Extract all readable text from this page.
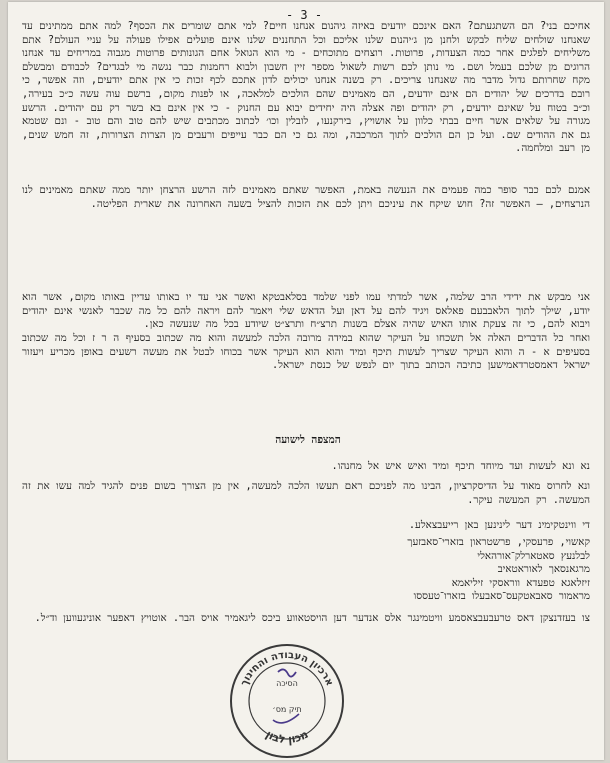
- 3 -
אחיכם בני? הם השתגעתם? האם אינכם יודעים באיזה גיהנום אנחנו חיים? למי אתם שומרים את הכסף? למה אתם ממתינים עד שאנחנו שולחים שליח לבקש ולחנן מן ג׳יהנום שלנו אליכם וכל התחננים שלנו אינם פועלים אפילו פעולה על עניי העולם? אתם משליחים לפלגים אחר כמה הצעדות, פרוטות. רוצחים מתוכחים - מי הוא הגואל אחם הגונותים פרוטות מגבוה במריחים עד אנחנו הרוגים מן שלכם בעמל ושם. מי נותן לכם רשות לשאול מספר זיין חשבון ולבוא רחמנות כבר נגשה מי לבגדים? לכבודם ומבשלם מקח שחרותם גדול מדבר מה שאנחנו צריכים. רק בשנה אנחנו יכולים לדון אתכם לכף זכות כי אין אתם יודעים, וזה אפשר, כי רובם בדרכים של יהודים הם אינם יודעים, הם מאמינים שהם הולכים למלאכה, או לפנות מקום, ברשם עוה עשה כ״כ בעירה, וכ״ב בטוח על שאינם יודעים, רק יהודים ופה אצלה היה יחידים יבוא עם החנוק - כי אין אינם בא בשר רק עם יהודים. הרשע מגורה על שלאים אשר חיים בבתי כלוון על אושויץ, בירקנעו, לובלין וכו׳ לכתוב מכתבים שיש להם טוב והם טוב - ונם שטמא גם את ההודים שם. ועל כן הם הולכים לתוך המרכבה, ומה גם כי הם כבר עייפים ורעבים מן הצרות הצרורות, זה חמש שנים, מן רעב ומלחמה.
אמנם לכם כבר סופר כמה פעמים את הנעשה באמת, האפשר שאתם מאמינים לזה הרשע הרצחן יותר ממה שאתם מאמינים לנו הנרצחים, — האפשר זה? חוש שיקח את עיניכם ויתן לכם את הזכות להציל בשעה האחרונה את שארית הפליטה.
אני מבקש את ידידי הרב שלמה, אשר למדתי עמו לפני שלמד בסלאבטקא ואשר אני עד יו באותו עדיין באותו מקום, אשר הוא יודע, שילך לתוך הלאבבעם פאלאס ויגיד להם על דאן ועל הדאש שלי ויאמר להם ויראה להם כל מה שכבר לאנשי אינם יהודים ויבוא להם, כי זה צעקת אותו האיש שהיה אצלם בשנות תרצ״ח ותרצ״ט שיודע בכל מה שנעשה כאן.
ואחר כל הדברים האלה אל תשכחו על העיקר שהוא במידה מרובה הלכה למעשה והוא מה שכתוב בסעיף ה ר ז וכל מה שכתוב בסעיפים א - ה והוא העיקר שצריך לעשות תיכף ומיד והוא הוא העיקר אשר בכוחו לבטל את מעשה רשעים באופן מכריע ויעזור ישראל דאמסטרדאמישען כתיבה הכותב בתוך יום לנפש של כנסת ישראל.
המצפה לישועה
נא ונא לעשות ועד מיוחד תיכף ומיד ואיש איש אל מחנהו.
ונא לחרוס מאוד על הדיסקרציון, הבינו מה לפניכם ראם תעשו הלכה למעשה, אין מן הצורך בשום פנים להגיד למה עשו את זה המעשה. רק המעשה עיקר.
די ווינטקימינ דער לינינען באן רייעבצאלע.
קאשוי, פרעסקי, פרשטראון בזארי־סאבזעך
לבלנעץ סאטארלק־אורהאלי
מרגאנסאך לאוראטאיב
זיזלאגא טפעדא ווראסקי זיליאמא
מראמור סאבאטקעס־סאבעלו בזארו־טעססו
צו בעזדנצקן דאס טרעבעבצאסמע וויטמינגר אלס אנדער דען הויסטאווע ביכס ליגאמיר אויס הבר. אוטויץ דאפער אוניגעווען וד״ל.
ארכיון העבודה והחינוך
הסיכה
תיק מס׳
מכון לבון
